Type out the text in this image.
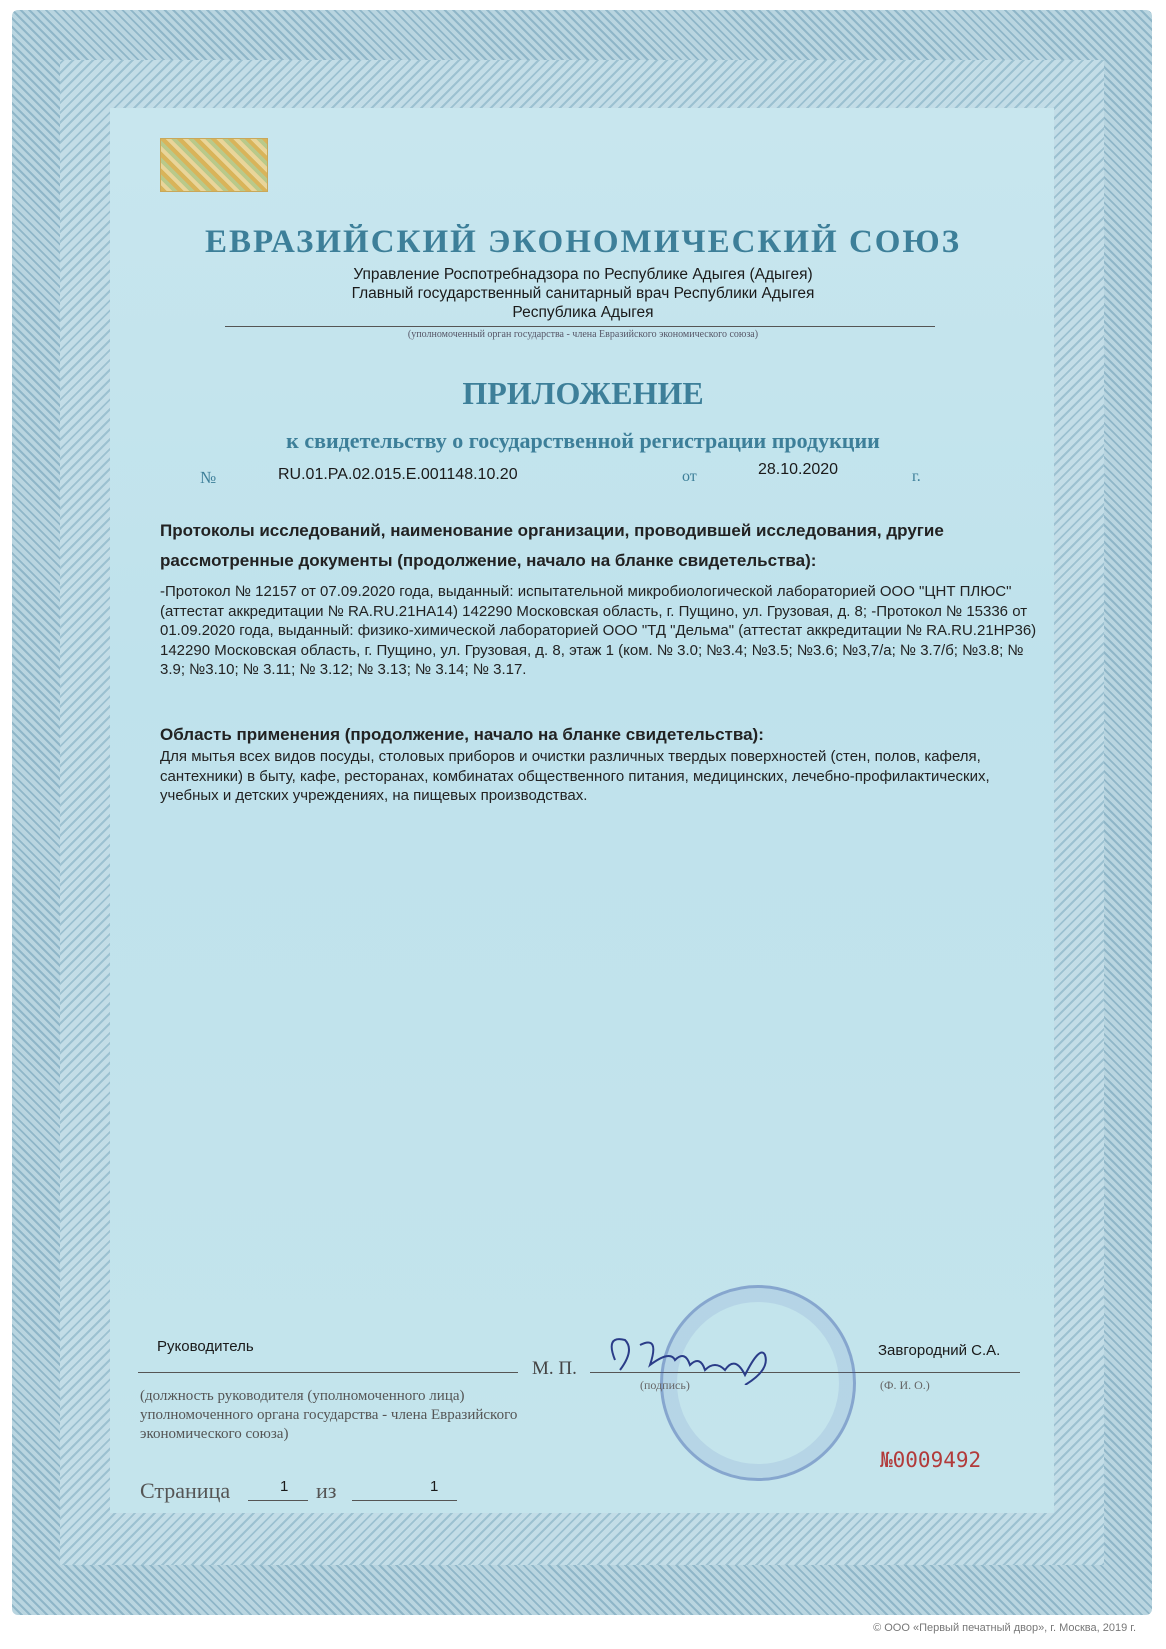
ЕВРАЗИЙСКИЙ ЭКОНОМИЧЕСКИЙ СОЮЗ
Управление Роспотребнадзора по Республике Адыгея (Адыгея)
Главный государственный санитарный врач Республики Адыгея
Республика Адыгея
(уполномоченный орган государства - члена Евразийского экономического союза)
ПРИЛОЖЕНИЕ
к свидетельству о государственной регистрации продукции
№	RU.01.PA.02.015.E.001148.10.20	от	28.10.2020	г.
Протоколы исследований, наименование организации, проводившей исследования, другие рассмотренные документы (продолжение, начало на бланке свидетельства):
-Протокол № 12157 от 07.09.2020 года, выданный: испытательной микробиологической лабораторией ООО "ЦНТ ПЛЮС" (аттестат аккредитации № RA.RU.21HA14) 142290 Московская область, г. Пущино, ул. Грузовая, д. 8; -Протокол № 15336 от 01.09.2020 года, выданный: физико-химической лабораторией ООО "ТД "Дельма" (аттестат аккредитации № RA.RU.21HP36) 142290 Московская область, г. Пущино, ул. Грузовая, д. 8, этаж 1 (ком. № 3.0; №3.4; №3.5; №3.6; №3,7/а; № 3.7/б; №3.8; № 3.9; №3.10; № 3.11; № 3.12; № 3.13; № 3.14; № 3.17.
Область применения (продолжение, начало на бланке свидетельства):
Для мытья всех видов посуды, столовых приборов и очистки различных твердых поверхностей (стен, полов, кафеля, сантехники) в быту, кафе, ресторанах, комбинатах общественного питания, медицинских, лечебно-профилактических, учебных и детских учреждениях, на пищевых производствах.
Руководитель
М. П.
Завгородний С.А.
(подпись)	(Ф. И. О.)
(должность руководителя (уполномоченного лица) уполномоченного органа государства - члена Евразийского экономического союза)
Страница	1 из	1
№0009492
© ООО «Первый печатный двор», г. Москва, 2019 г.
